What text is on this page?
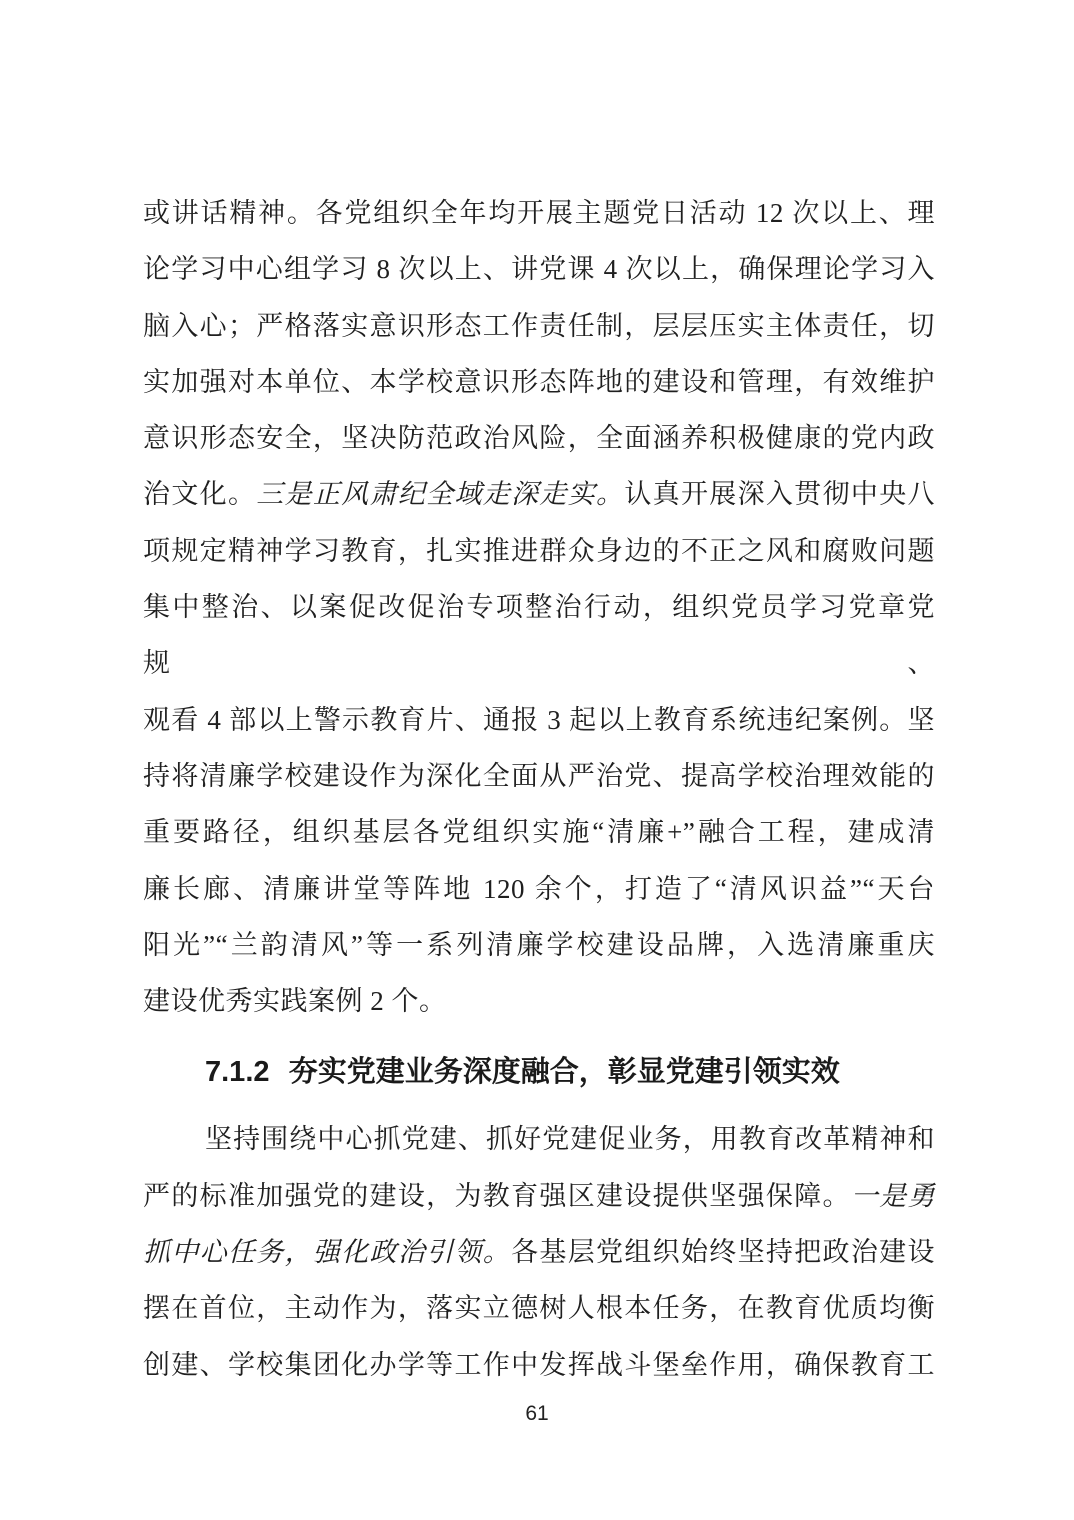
或讲话精神。各党组织全年均开展主题党日活动 12 次以上、理
论学习中心组学习 8 次以上、讲党课 4 次以上，确保理论学习入
脑入心；严格落实意识形态工作责任制，层层压实主体责任，切
实加强对本单位、本学校意识形态阵地的建设和管理，有效维护
意识形态安全，坚决防范政治风险，全面涵养积极健康的党内政
治文化。三是正风肃纪全域走深走实。认真开展深入贯彻中央八
项规定精神学习教育，扎实推进群众身边的不正之风和腐败问题
集中整治、以案促改促治专项整治行动，组织党员学习党章党规、
观看 4 部以上警示教育片、通报 3 起以上教育系统违纪案例。坚
持将清廉学校建设作为深化全面从严治党、提高学校治理效能的
重要路径，组织基层各党组织实施“清廉+”融合工程，建成清
廉长廊、清廉讲堂等阵地 120 余个，打造了“清风识益”“天台
阳光”“兰韵清风”等一系列清廉学校建设品牌，入选清廉重庆
建设优秀实践案例 2 个。
7.1.2 夯实党建业务深度融合，彰显党建引领实效
坚持围绕中心抓党建、抓好党建促业务，用教育改革精神和
严的标准加强党的建设，为教育强区建设提供坚强保障。一是勇
抓中心任务，强化政治引领。各基层党组织始终坚持把政治建设
摆在首位，主动作为，落实立德树人根本任务，在教育优质均衡
创建、学校集团化办学等工作中发挥战斗堡垒作用，确保教育工
61
